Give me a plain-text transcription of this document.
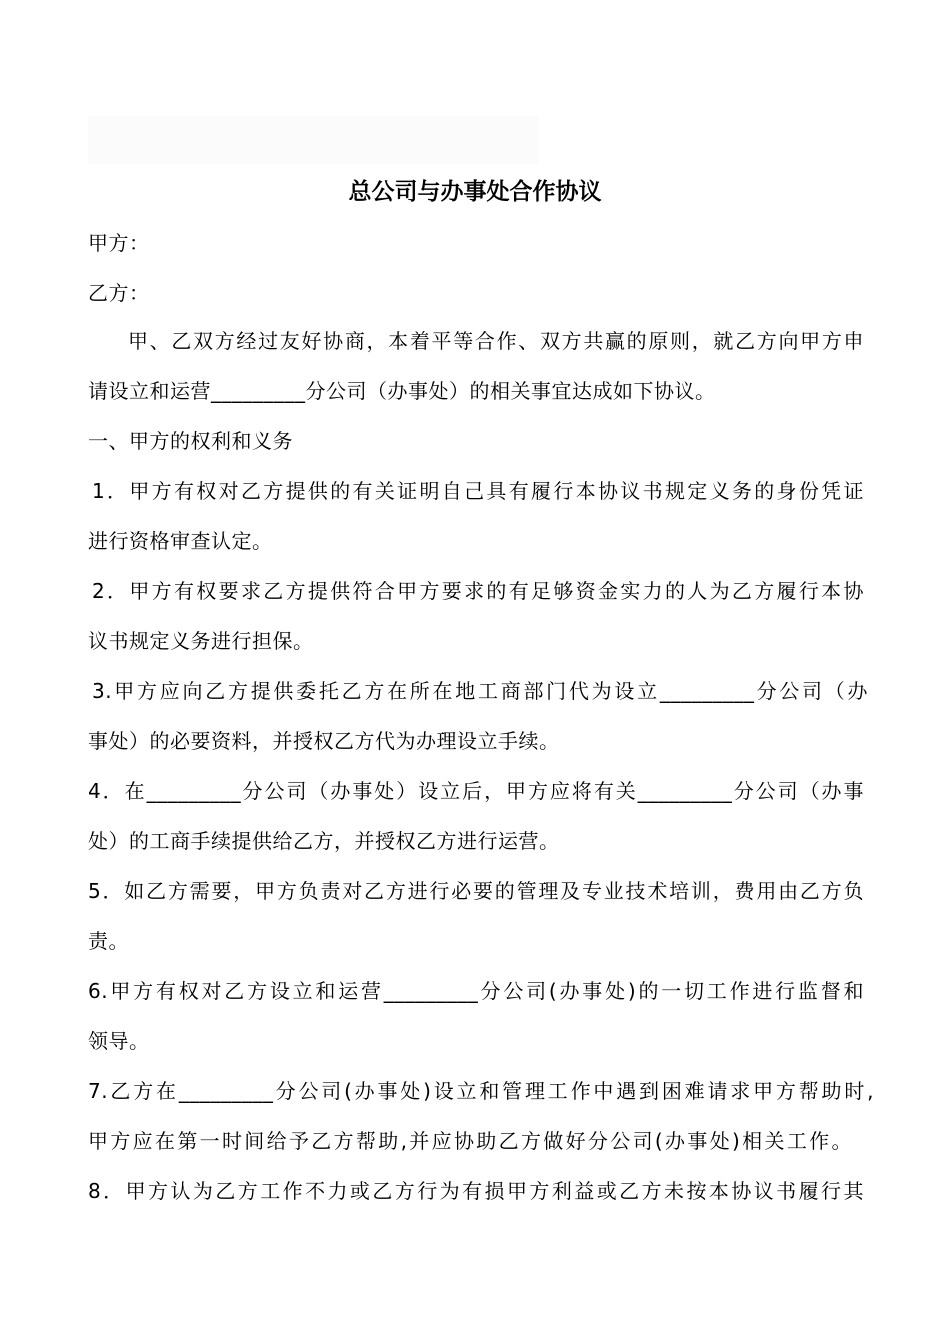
总公司与办事处合作协议
甲方：
乙方：
甲、乙双方经过友好协商，本着平等合作、双方共赢的原则，就乙方向甲方申
请设立和运营_________分公司（办事处）的相关事宜达成如下协议。
一、甲方的权利和义务
1．甲方有权对乙方提供的有关证明自己具有履行本协议书规定义务的身份凭证
进行资格审查认定。
2．甲方有权要求乙方提供符合甲方要求的有足够资金实力的人为乙方履行本协
议书规定义务进行担保。
3.甲方应向乙方提供委托乙方在所在地工商部门代为设立_________分公司（办
事处）的必要资料，并授权乙方代为办理设立手续。
4．在_________分公司（办事处）设立后，甲方应将有关_________分公司（办事
处）的工商手续提供给乙方，并授权乙方进行运营。
5．如乙方需要，甲方负责对乙方进行必要的管理及专业技术培训，费用由乙方负
责。
6.甲方有权对乙方设立和运营_________分公司(办事处)的一切工作进行监督和
领导。
7.乙方在_________分公司(办事处)设立和管理工作中遇到困难请求甲方帮助时,
甲方应在第一时间给予乙方帮助,并应协助乙方做好分公司(办事处)相关工作。
8．甲方认为乙方工作不力或乙方行为有损甲方利益或乙方未按本协议书履行其
